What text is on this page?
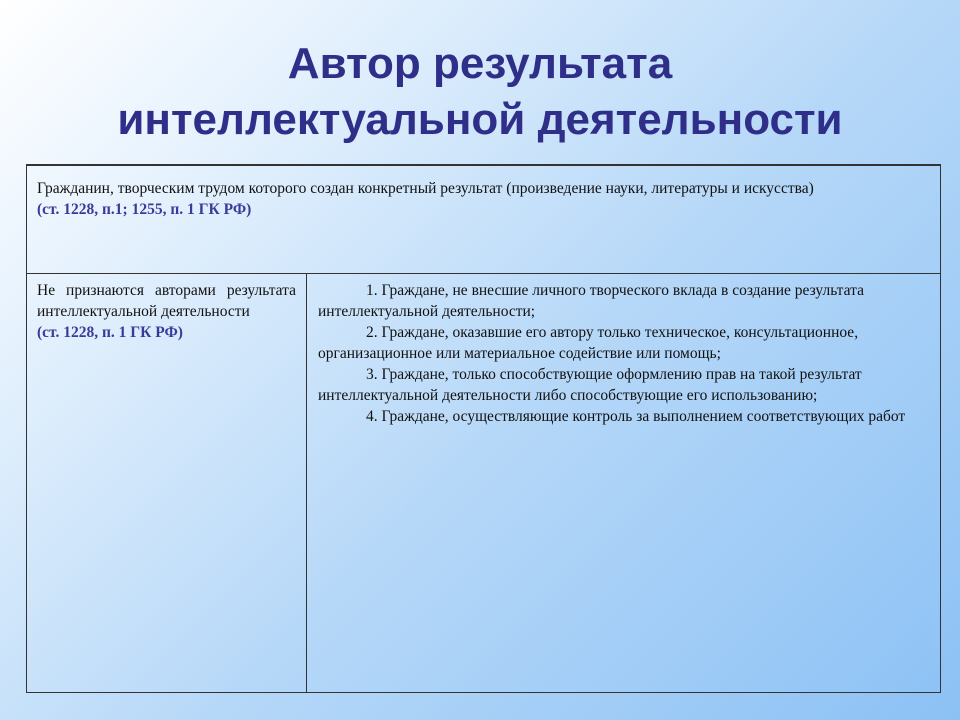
Автор результата
интеллектуальной деятельности
Гражданин, творческим трудом которого создан конкретный результат (произведение науки, литературы и искусства)
(ст. 1228, п.1; 1255, п. 1 ГК РФ)
Не признаются авторами результата интеллектуальной деятельности
(ст. 1228, п. 1 ГК РФ)

1. Граждане, не внесшие личного творческого вклада в создание результата интеллектуальной деятельности;

2. Граждане, оказавшие его автору только техническое, консультационное, организационное или материальное содействие или помощь;

3. Граждане, только способствующие оформлению прав на такой результат интеллектуальной деятельности либо способствующие его использованию;

4. Граждане, осуществляющие контроль за выполнением соответствующих работ
